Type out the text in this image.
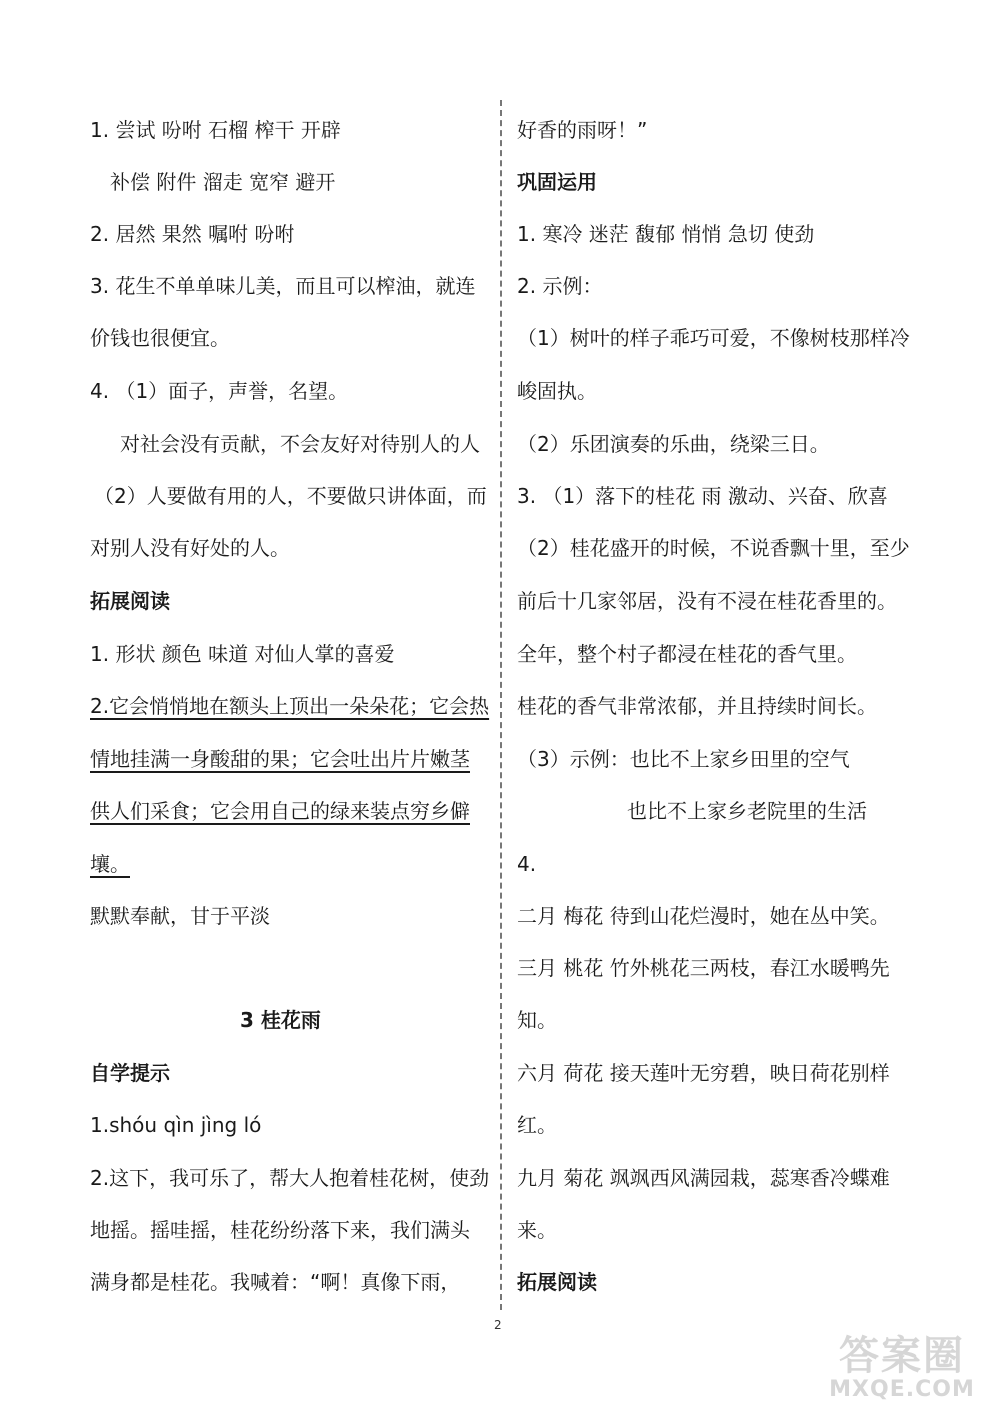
1. 尝试 吩咐 石榴 榨干 开辟
补偿 附件 溜走 宽窄 避开
2. 居然 果然 嘱咐 吩咐
3. 花生不单单味儿美，而且可以榨油，就连
价钱也很便宜。
4. （1）面子，声誉，名望。
对社会没有贡献，不会友好对待别人的人
（2）人要做有用的人，不要做只讲体面，而
对别人没有好处的人。
拓展阅读
1. 形状 颜色 味道 对仙人掌的喜爱
2.它会悄悄地在额头上顶出一朵朵花；它会热
情地挂满一身酸甜的果；它会吐出片片嫩茎
供人们采食；它会用自己的绿来装点穷乡僻
壤。
默默奉献，甘于平淡
3 桂花雨
自学提示
1.shóu qìn jìng ló
2.这下，我可乐了，帮大人抱着桂花树，使劲
地摇。摇哇摇，桂花纷纷落下来，我们满头
满身都是桂花。我喊着：“啊！真像下雨，
好香的雨呀！”
巩固运用
1. 寒冷 迷茫 馥郁 悄悄 急切 使劲
2. 示例：
（1）树叶的样子乖巧可爱，不像树枝那样冷
峻固执。
（2）乐团演奏的乐曲，绕梁三日。
3. （1）落下的桂花 雨 激动、兴奋、欣喜
（2）桂花盛开的时候，不说香飘十里，至少
前后十几家邻居，没有不浸在桂花香里的。
全年，整个村子都浸在桂花的香气里。
桂花的香气非常浓郁，并且持续时间长。
（3）示例：也比不上家乡田里的空气
也比不上家乡老院里的生活
4.
二月 梅花 待到山花烂漫时，她在丛中笑。
三月 桃花 竹外桃花三两枝，春江水暖鸭先
知。
六月 荷花 接天莲叶无穷碧，映日荷花别样
红。
九月 菊花 飒飒西风满园栽，蕊寒香冷蝶难
来。
拓展阅读
2
答案圈
MXQE.COM
